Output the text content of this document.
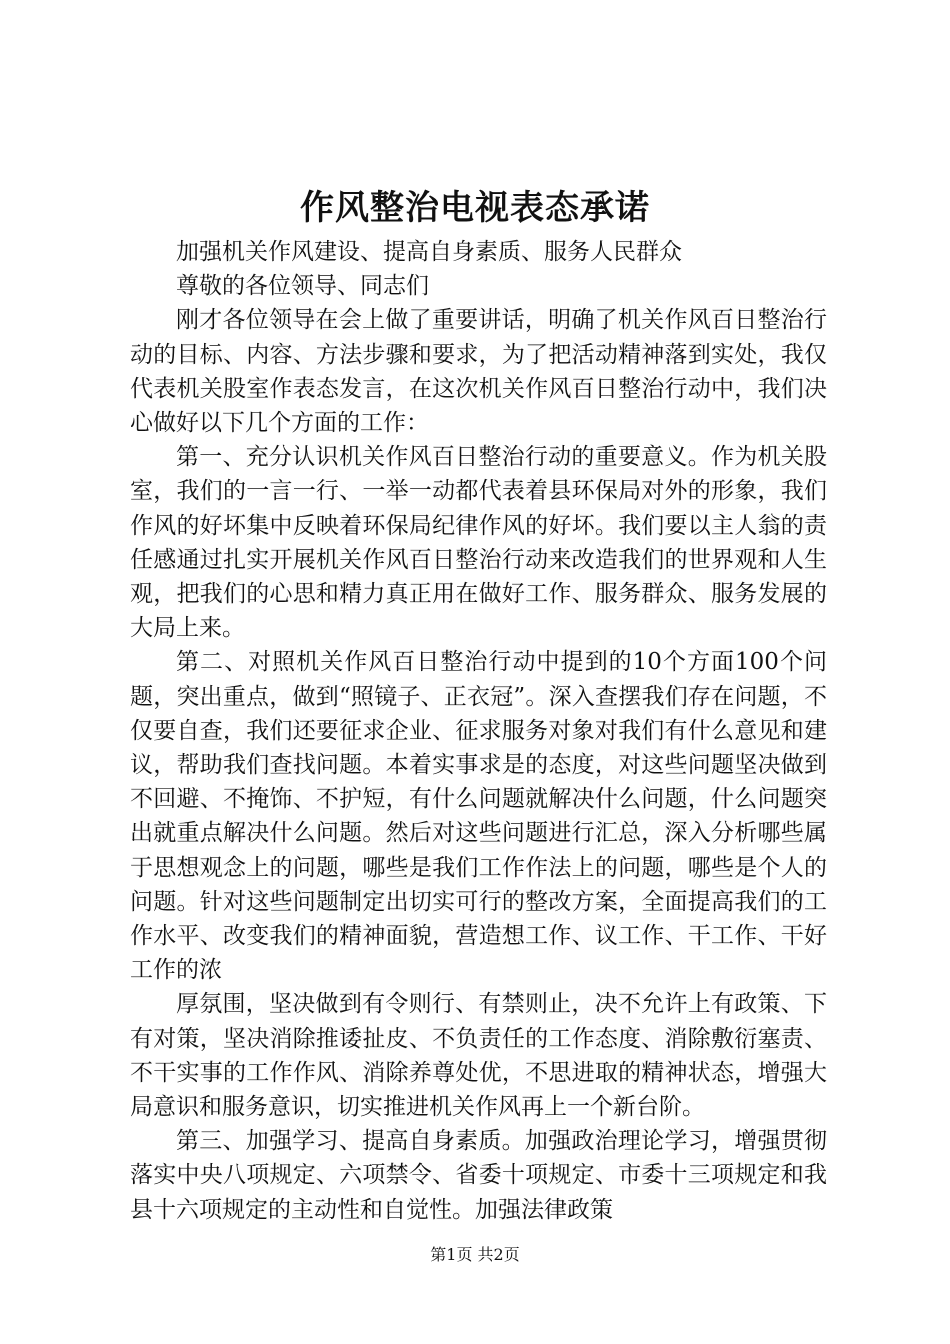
作风整治电视表态承诺

加强机关作风建设、提高自身素质、服务人民群众

尊敬的各位领导、同志们

刚才各位领导在会上做了重要讲话，明确了机关作风百日整治行动的目标、内容、方法步骤和要求，为了把活动精神落到实处，我仅代表机关股室作表态发言，在这次机关作风百日整治行动中，我们决心做好以下几个方面的工作：

第一、充分认识机关作风百日整治行动的重要意义。作为机关股室，我们的一言一行、一举一动都代表着县环保局对外的形象，我们作风的好坏集中反映着环保局纪律作风的好坏。我们要以主人翁的责任感通过扎实开展机关作风百日整治行动来改造我们的世界观和人生观，把我们的心思和精力真正用在做好工作、服务群众、服务发展的大局上来。

第二、对照机关作风百日整治行动中提到的10个方面100个问题，突出重点，做到“照镜子、正衣冠”。深入查摆我们存在问题，不仅要自查，我们还要征求企业、征求服务对象对我们有什么意见和建议，帮助我们查找问题。本着实事求是的态度，对这些问题坚决做到不回避、不掩饰、不护短，有什么问题就解决什么问题，什么问题突出就重点解决什么问题。然后对这些问题进行汇总，深入分析哪些属于思想观念上的问题，哪些是我们工作作法上的问题，哪些是个人的问题。针对这些问题制定出切实可行的整改方案，全面提高我们的工作水平、改变我们的精神面貌，营造想工作、议工作、干工作、干好工作的浓

厚氛围，坚决做到有令则行、有禁则止，决不允许上有政策、下有对策，坚决消除推诿扯皮、不负责任的工作态度、消除敷衍塞责、不干实事的工作作风、消除养尊处优，不思进取的精神状态，增强大局意识和服务意识，切实推进机关作风再上一个新台阶。

第三、加强学习、提高自身素质。加强政治理论学习，增强贯彻落实中央八项规定、六项禁令、省委十项规定、市委十三项规定和我县十六项规定的主动性和自觉性。加强法律政策

第1页 共2页
